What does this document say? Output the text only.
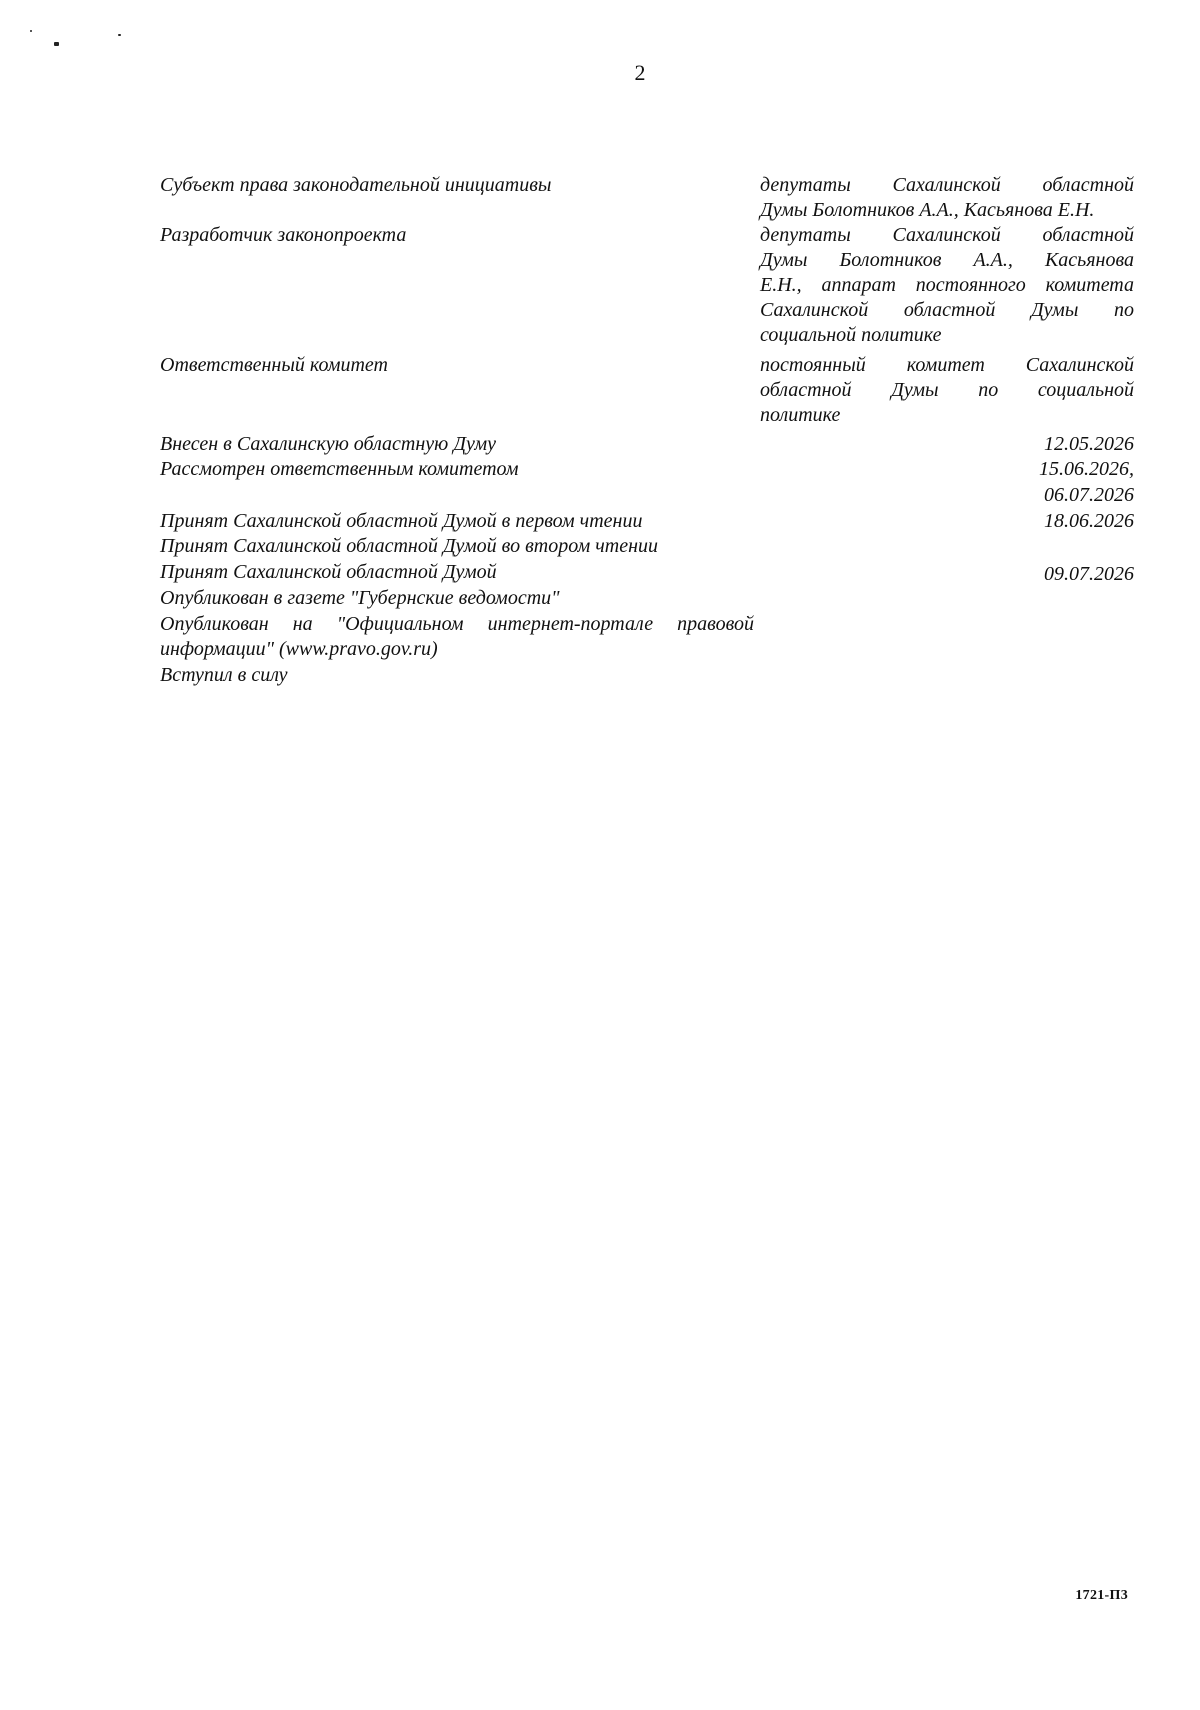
2
Субъект права законодательной инициативы	депутаты Сахалинской областной
Думы Болотников А.А., Касьянова Е.Н.
Разработчик законопроекта	депутаты Сахалинской областной
Думы Болотников А.А., Касьянова
Е.Н., аппарат постоянного комитета
Сахалинской областной Думы по
социальной политике
Ответственный комитет	постоянный комитет Сахалинской
областной Думы по социальной
политике
Внесен в Сахалинскую областную Думу	12.05.2026
Рассмотрен ответственным комитетом	15.06.2026,
06.07.2026
Принят Сахалинской областной Думой в первом чтении	18.06.2026
Принят Сахалинской областной Думой во втором чтении
Принят Сахалинской областной Думой	09.07.2026
Опубликован в газете "Губернские ведомости"
Опубликован на "Официальном интернет-портале правовой
информации" (www.pravo.gov.ru)
Вступил в силу
1721-П3
